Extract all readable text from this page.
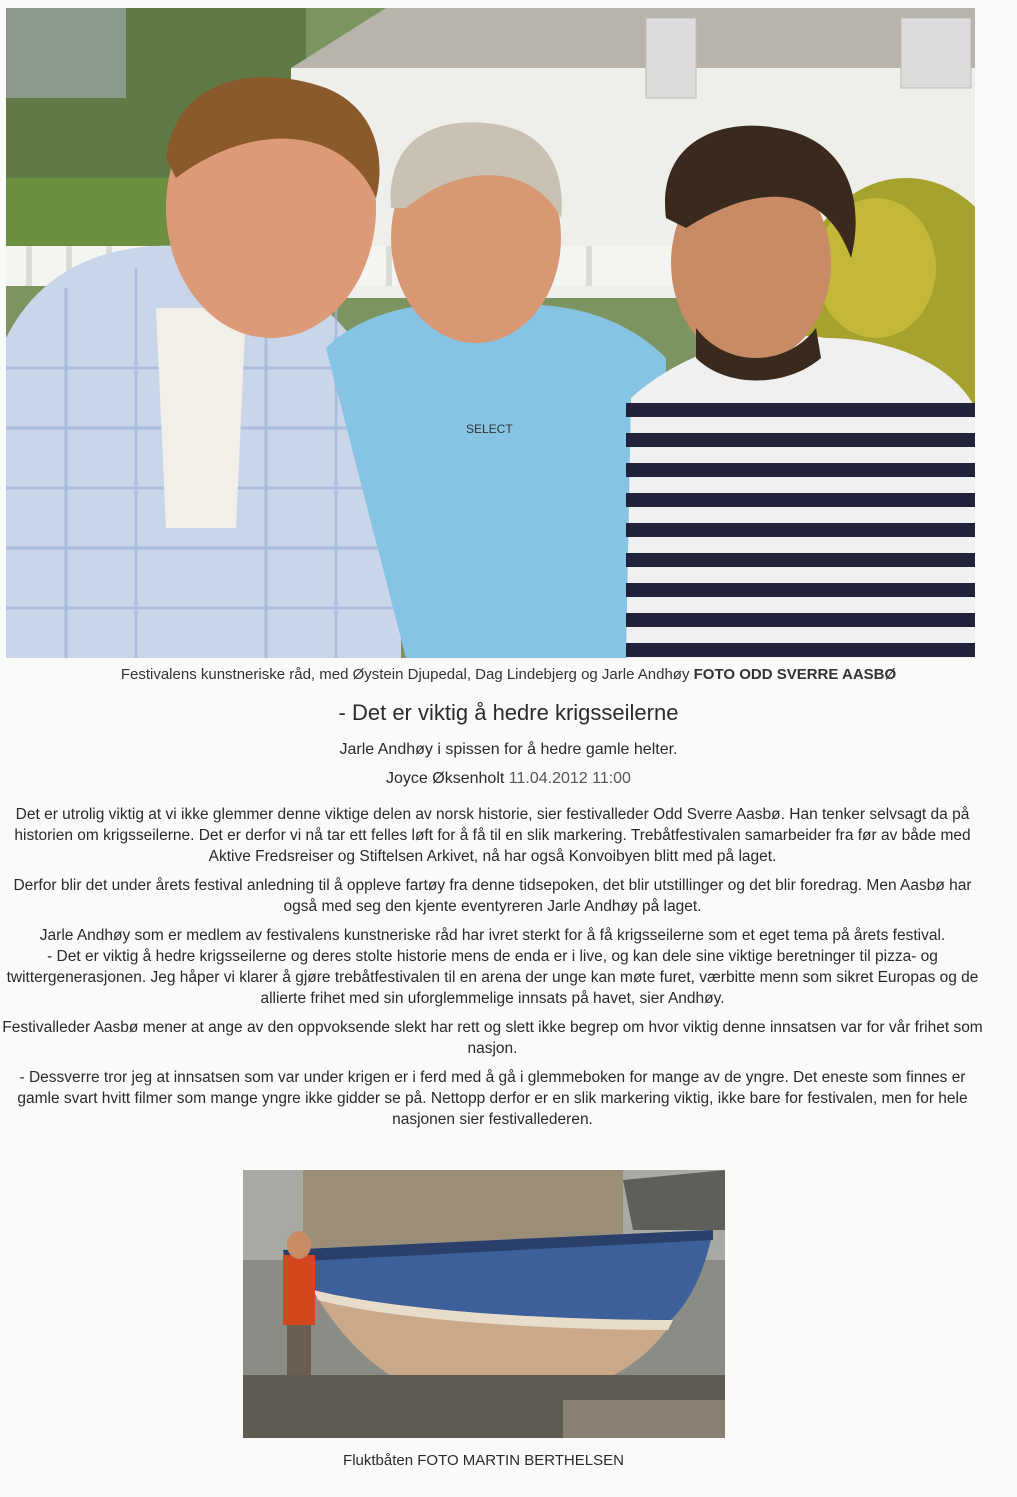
SELECT
Festivalens kunstneriske råd, med Øystein Djupedal, Dag Lindebjerg og Jarle Andhøy FOTO ODD SVERRE AASBØ
- Det er viktig å hedre krigsseilerne
Jarle Andhøy i spissen for å hedre gamle helter.
Joyce Øksenholt 11.04.2012 11:00

Det er utrolig viktig at vi ikke glemmer denne viktige delen av norsk historie, sier festivalleder Odd Sverre Aasbø. Han tenker selvsagt da på historien om krigsseilerne. Det er derfor vi nå tar ett felles løft for å få til en slik markering. Trebåtfestivalen samarbeider fra før av både med Aktive Fredsreiser og Stiftelsen Arkivet, nå har også Konvoibyen blitt med på laget.

Derfor blir det under årets festival anledning til å oppleve fartøy fra denne tidsepoken, det blir utstillinger og det blir foredrag. Men Aasbø har også med seg den kjente eventyreren Jarle Andhøy på laget.

Jarle Andhøy som er medlem av festivalens kunstneriske råd har ivret sterkt for å få krigsseilerne som et eget tema på årets festival.

- Det er viktig å hedre krigsseilerne og deres stolte historie mens de enda er i live, og kan dele sine viktige beretninger til pizza- og twittergenerasjonen. Jeg håper vi klarer å gjøre trebåtfestivalen til en arena der unge kan møte furet, værbitte menn som sikret Europas og de allierte frihet med sin uforglemmelige innsats på havet, sier Andhøy.

Festivalleder Aasbø mener at ange av den oppvoksende slekt har rett og slett ikke begrep om hvor viktig denne innsatsen var for vår frihet som nasjon.

- Dessverre tror jeg at innsatsen som var under krigen er i ferd med å gå i glemmeboken for mange av de yngre. Det eneste som finnes er gamle svart hvitt filmer som mange yngre ikke gidder se på. Nettopp derfor er en slik markering viktig, ikke bare for festivalen, men for hele nasjonen sier festivallederen.

Fluktbåten FOTO MARTIN BERTHELSEN
